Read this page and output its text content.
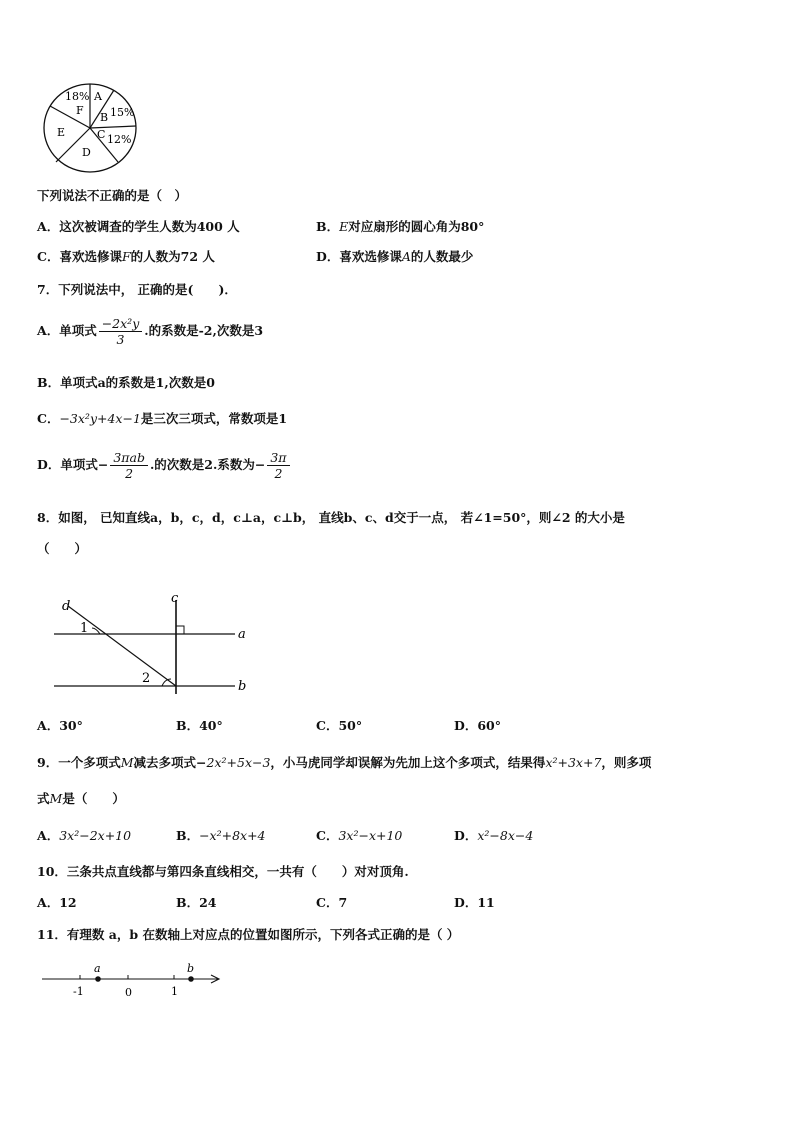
18%
F
A
B 15%
C 12%
D
E
下列说法不正确的是（　）
A．这次被调查的学生人数为400 人	B．E对应扇形的圆心角为80°
C．喜欢选修课F的人数为72 人	D．喜欢选修课A的人数最少
7．下列说法中， 正确的是(　　)．
A．单项式 $\frac{\text{−2x²y}}{3}$ .的系数是-2,次数是3
B．单项式a的系数是1,次数是0
C．−3x²y+4x−1是三次三项式，常数项是1
D．单项式− $\frac{\text{3πab}}{2}$ .的次数是2.系数为− $\frac{3\pi}{2}$
8．如图， 已知直线a，b，c，d，c⊥a，c⊥b， 直线b、c、d交于一点， 若∠1=50°，则∠2 的大小是
（　　）
d
c
a
b
1
2
A．30°	B．40°	C．50°	D．60°
9．一个多项式M减去多项式−2x²+5x−3，小马虎同学却误解为先加上这个多项式，结果得x²+3x+7，则多项
式M是（　　）
A．3x²−2x+10	B．−x²+8x+4	C．3x²−x+10	D．x²−8x−4
10．三条共点直线都与第四条直线相交，一共有（　　）对对顶角.
A．12	B．24	C．7	D．11
11．有理数 a，b 在数轴上对应点的位置如图所示，下列各式正确的是（ ）
a	b
-1	0	1
